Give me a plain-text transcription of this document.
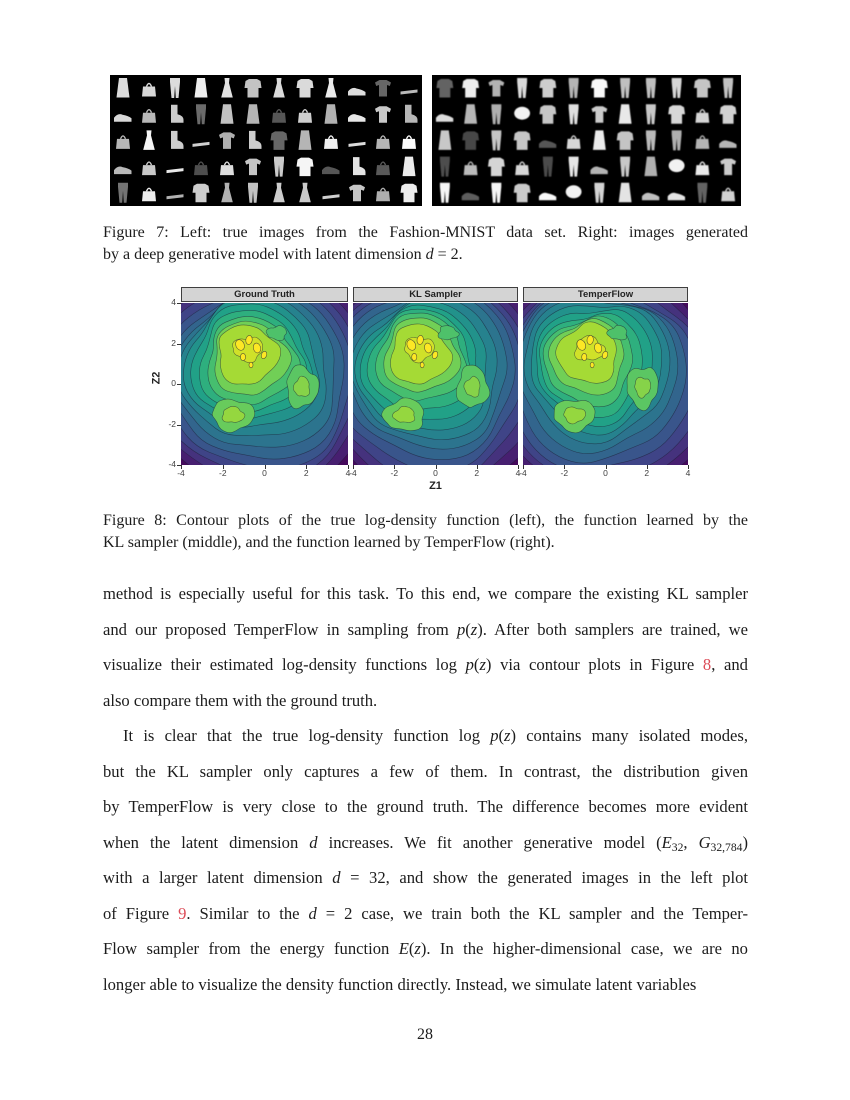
Figure 7: Left: true images from the Fashion-MNIST data set. Right: images generated
by a deep generative model with latent dimension d = 2.
Ground Truth	KL Sampler	TemperFlow
Z2
Z1
4
2
0
-2
-4
-4	-2	0	2	4
-4	-2	0	2	4
-4	-2	0	2	4
Figure 8: Contour plots of the true log-density function (left), the function learned by the
KL sampler (middle), and the function learned by TemperFlow (right).
method is especially useful for this task. To this end, we compare the existing KL sampler
and our proposed TemperFlow in sampling from p(z). After both samplers are trained, we
visualize their estimated log-density functions log p(z) via contour plots in Figure 8, and
also compare them with the ground truth.
It is clear that the true log-density function log p(z) contains many isolated modes,
but the KL sampler only captures a few of them. In contrast, the distribution given
by TemperFlow is very close to the ground truth. The difference becomes more evident
when the latent dimension d increases. We fit another generative model (E32, G32,784)
with a larger latent dimension d = 32, and show the generated images in the left plot
of Figure 9. Similar to the d = 2 case, we train both the KL sampler and the Temper-
Flow sampler from the energy function E(z). In the higher-dimensional case, we are no
longer able to visualize the density function directly. Instead, we simulate latent variables
28
